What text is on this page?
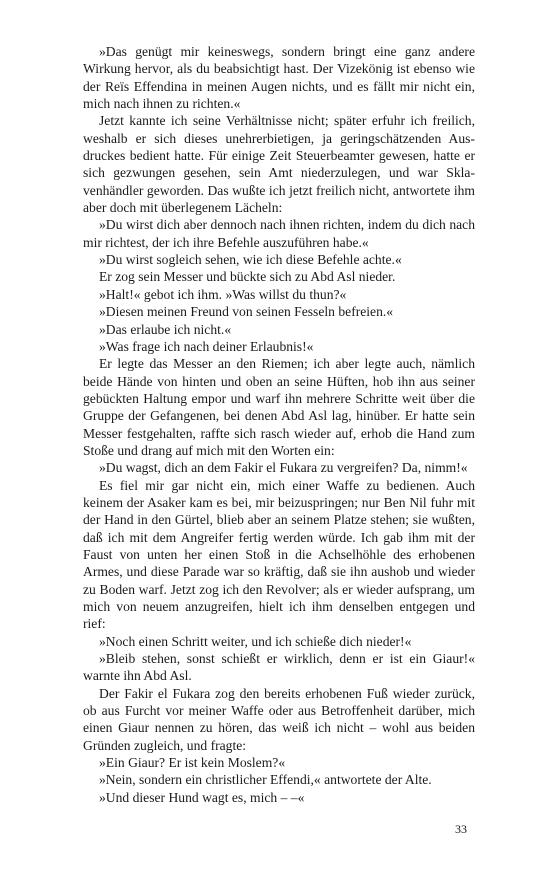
»Das genügt mir keineswegs, sondern bringt eine ganz andere Wirkung hervor, als du beabsichtigt hast. Der Vizekönig ist ebenso wie der Reïs Effendina in meinen Augen nichts, und es fällt mir nicht ein, mich nach ihnen zu richten.«

Jetzt kannte ich seine Verhältnisse nicht; später erfuhr ich freilich, weshalb er sich dieses unehrerbietigen, ja geringschätzenden Ausdruckes bedient hatte. Für einige Zeit Steuerbeamter gewesen, hatte er sich gezwungen gesehen, sein Amt niederzulegen, und war Sklavenhändler geworden. Das wußte ich jetzt freilich nicht, antwortete ihm aber doch mit überlegenem Lächeln:

»Du wirst dich aber dennoch nach ihnen richten, indem du dich nach mir richtest, der ich ihre Befehle auszuführen habe.«

»Du wirst sogleich sehen, wie ich diese Befehle achte.«

Er zog sein Messer und bückte sich zu Abd Asl nieder.

»Halt!« gebot ich ihm. »Was willst du thun?«

»Diesen meinen Freund von seinen Fesseln befreien.«

»Das erlaube ich nicht.«

»Was frage ich nach deiner Erlaubnis!«

Er legte das Messer an den Riemen; ich aber legte auch, nämlich beide Hände von hinten und oben an seine Hüften, hob ihn aus seiner gebückten Haltung empor und warf ihn mehrere Schritte weit über die Gruppe der Gefangenen, bei denen Abd Asl lag, hinüber. Er hatte sein Messer festgehalten, raffte sich rasch wieder auf, erhob die Hand zum Stoße und drang auf mich mit den Worten ein:

»Du wagst, dich an dem Fakir el Fukara zu vergreifen? Da, nimm!«

Es fiel mir gar nicht ein, mich einer Waffe zu bedienen. Auch keinem der Asaker kam es bei, mir beizuspringen; nur Ben Nil fuhr mit der Hand in den Gürtel, blieb aber an seinem Platze stehen; sie wußten, daß ich mit dem Angreifer fertig werden würde. Ich gab ihm mit der Faust von unten her einen Stoß in die Achselhöhle des erhobenen Armes, und diese Parade war so kräftig, daß sie ihn aushob und wieder zu Boden warf. Jetzt zog ich den Revolver; als er wieder aufsprang, um mich von neuem anzugreifen, hielt ich ihm denselben entgegen und rief:

»Noch einen Schritt weiter, und ich schieße dich nieder!«

»Bleib stehen, sonst schießt er wirklich, denn er ist ein Giaur!« warnte ihn Abd Asl.

Der Fakir el Fukara zog den bereits erhobenen Fuß wieder zurück, ob aus Furcht vor meiner Waffe oder aus Betroffenheit darüber, mich einen Giaur nennen zu hören, das weiß ich nicht – wohl aus beiden Gründen zugleich, und fragte:

»Ein Giaur? Er ist kein Moslem?«

»Nein, sondern ein christlicher Effendi,« antwortete der Alte.

»Und dieser Hund wagt es, mich – –«

33
